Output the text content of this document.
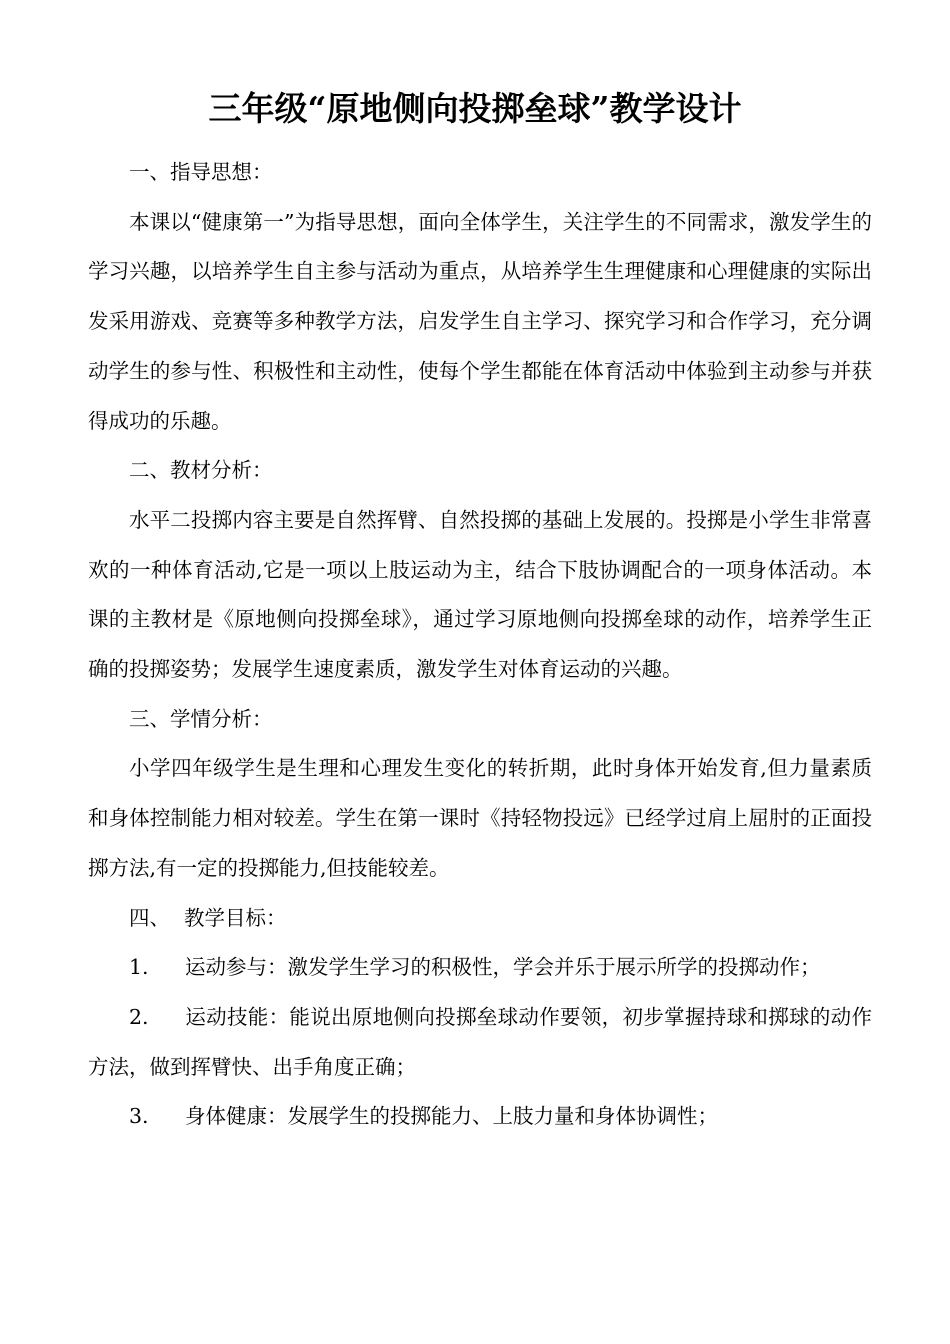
三年级“原地侧向投掷垒球”教学设计

一、指导思想：

本课以“健康第一”为指导思想，面向全体学生，关注学生的不同需求，激发学生的学习兴趣，以培养学生自主参与活动为重点，从培养学生生理健康和心理健康的实际出发采用游戏、竞赛等多种教学方法，启发学生自主学习、探究学习和合作学习，充分调动学生的参与性、积极性和主动性，使每个学生都能在体育活动中体验到主动参与并获得成功的乐趣。

二、教材分析：

水平二投掷内容主要是自然挥臂、自然投掷的基础上发展的。投掷是小学生非常喜欢的一种体育活动,它是一项以上肢运动为主，结合下肢协调配合的一项身体活动。本课的主教材是《原地侧向投掷垒球》，通过学习原地侧向投掷垒球的动作，培养学生正确的投掷姿势；发展学生速度素质，激发学生对体育运动的兴趣。

三、学情分析：

小学四年级学生是生理和心理发生变化的转折期，此时身体开始发育,但力量素质和身体控制能力相对较差。学生在第一课时《持轻物投远》已经学过肩上屈肘的正面投掷方法,有一定的投掷能力,但技能较差。

四、 教学目标：

1. 运动参与：激发学生学习的积极性，学会并乐于展示所学的投掷动作；

2. 运动技能：能说出原地侧向投掷垒球动作要领，初步掌握持球和掷球的动作方法，做到挥臂快、出手角度正确；

3. 身体健康：发展学生的投掷能力、上肢力量和身体协调性；
